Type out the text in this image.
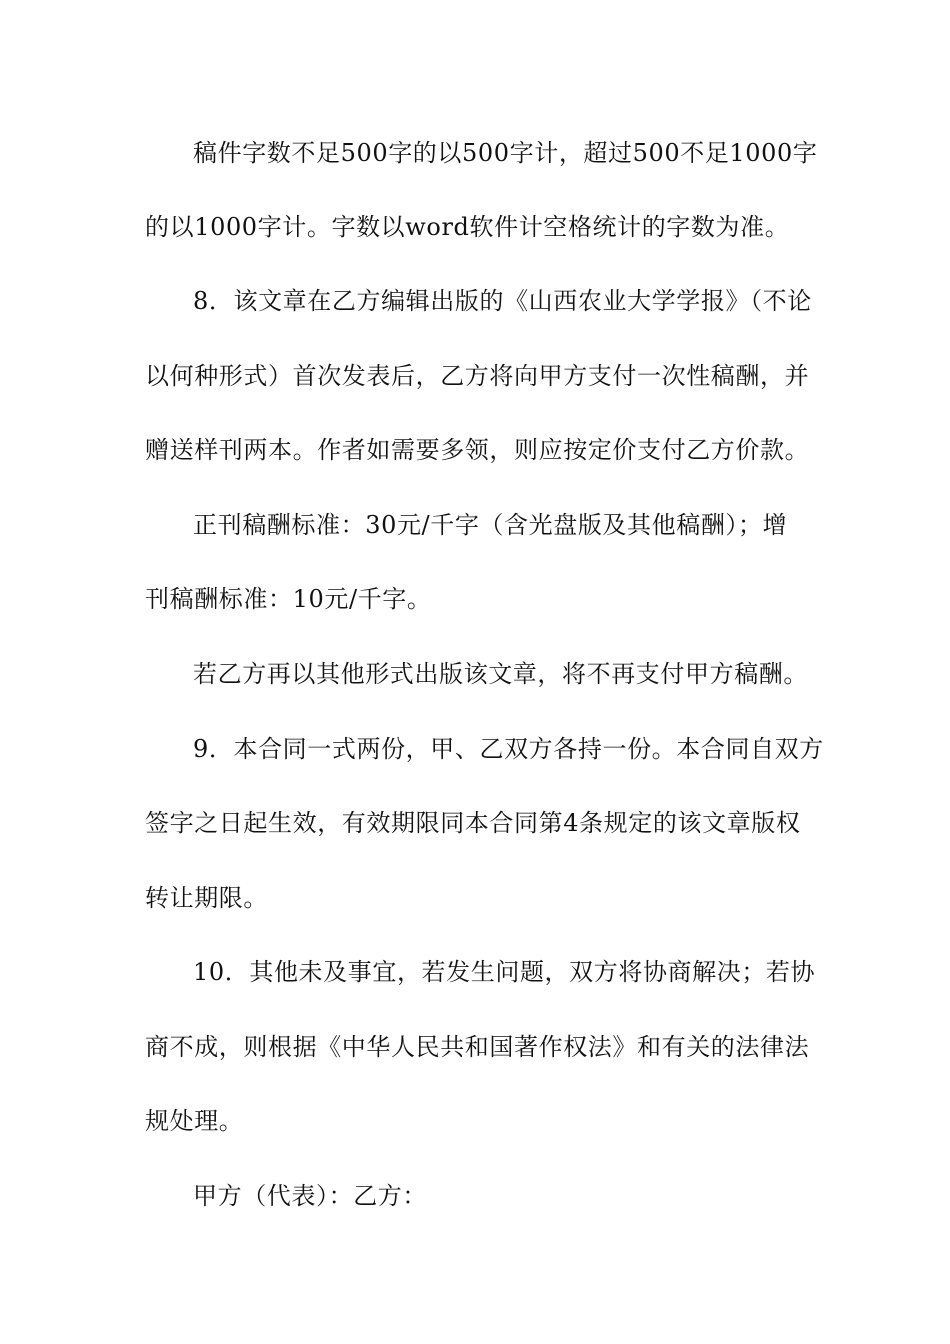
稿件字数不足500字的以500字计，超过500不足1000字
的以1000字计。字数以word软件计空格统计的字数为准。
8．该文章在乙方编辑出版的《山西农业大学学报》（不论
以何种形式）首次发表后，乙方将向甲方支付一次性稿酬，并
赠送样刊两本。作者如需要多领，则应按定价支付乙方价款。
正刊稿酬标准：30元/千字（含光盘版及其他稿酬）；增
刊稿酬标准：10元/千字。
若乙方再以其他形式出版该文章，将不再支付甲方稿酬。
9．本合同一式两份，甲、乙双方各持一份。本合同自双方
签字之日起生效，有效期限同本合同第4条规定的该文章版权
转让期限。
10．其他未及事宜，若发生问题，双方将协商解决；若协
商不成，则根据《中华人民共和国著作权法》和有关的法律法
规处理。
甲方（代表）：乙方：
